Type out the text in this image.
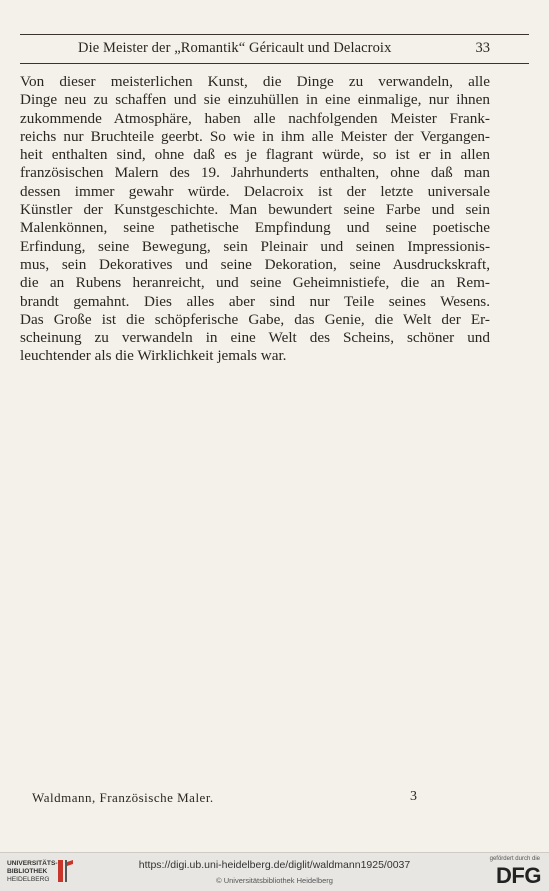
Die Meister der „Romantik“ Géricault und Delacroix	33
Von dieser meisterlichen Kunst, die Dinge zu verwandeln, alle
Dinge neu zu schaffen und sie einzuhüllen in eine einmalige, nur ihnen
zukommende Atmosphäre, haben alle nachfolgenden Meister Frank-
reichs nur Bruchteile geerbt. So wie in ihm alle Meister der Vergangen-
heit enthalten sind, ohne daß es je flagrant würde, so ist er in allen
französischen Malern des 19. Jahrhunderts enthalten, ohne daß man
dessen immer gewahr würde. Delacroix ist der letzte universale
Künstler der Kunstgeschichte. Man bewundert seine Farbe und sein
Malenkönnen, seine pathetische Empfindung und seine poetische
Erfindung, seine Bewegung, sein Pleinair und seinen Impressionis-
mus, sein Dekoratives und seine Dekoration, seine Ausdruckskraft,
die an Rubens heranreicht, und seine Geheimnistiefe, die an Rem-
brandt gemahnt. Dies alles aber sind nur Teile seines Wesens.
Das Große ist die schöpferische Gabe, das Genie, die Welt der Er-
scheinung zu verwandeln in eine Welt des Scheins, schöner und
leuchtender als die Wirklichkeit jemals war.
Waldmann, Französische Maler.	3
UNIVERSITÄTS-
BIBLIOTHEK
HEIDELBERG
https://digi.ub.uni-heidelberg.de/diglit/waldmann1925/0037
© Universitätsbibliothek Heidelberg
gefördert durch die
DFG
